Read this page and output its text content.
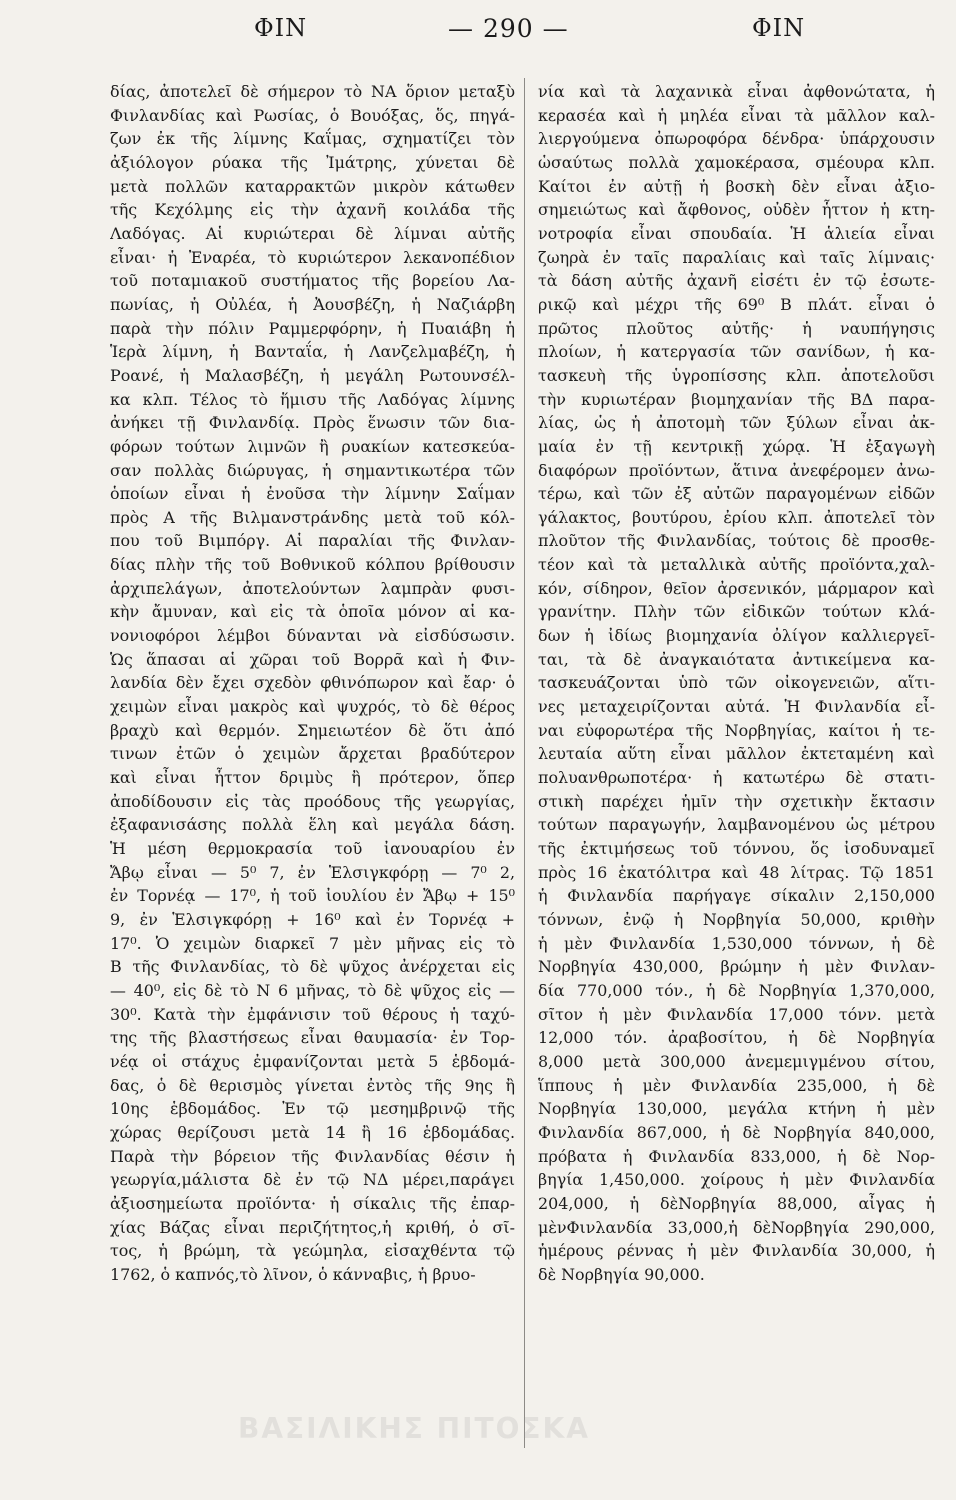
ΦΙΝ	— 290 —	ΦΙΝ
δίας, ἀποτελεῖ δὲ σήμερον τὸ ΝΑ ὅριον μεταξὺ
Φινλανδίας καὶ Ρωσίας, ὁ Βουόξας, ὅς, πηγά-
ζων ἐκ τῆς λίμνης Καΐμας, σχηματίζει τὸν
ἀξιόλογον ρύακα τῆς Ἰμάτρης, χύνεται δὲ
μετὰ πολλῶν καταρρακτῶν μικρὸν κάτωθεν
τῆς Κεχόλμης εἰς τὴν ἀχανῆ κοιλάδα τῆς
Λαδόγας. Αἱ κυριώτεραι δὲ λίμναι αὐτῆς
εἶναι· ἡ Ἐναρέα, τὸ κυριώτερον λεκανοπέδιον
τοῦ ποταμιακοῦ συστήματος τῆς βορείου Λα-
πωνίας, ἡ Οὐλέα, ἡ Ἀουσβέζη, ἡ Ναζιάρβη
παρὰ τὴν πόλιν Ραμμερφόρην, ἡ Πυαιάβη ἡ
Ἱερὰ λίμνη, ἡ Βανταΐα, ἡ Λανζελμαβέζη, ἡ
Ροανέ, ἡ Μαλασβέζη, ἡ μεγάλη Ρωτουνσέλ-
κα κλπ. Τέλος τὸ ἥμισυ τῆς Λαδόγας λίμνης
ἀνήκει τῇ Φινλανδίᾳ. Πρὸς ἕνωσιν τῶν δια-
φόρων τούτων λιμνῶν ἢ ρυακίων κατεσκεύα-
σαν πολλὰς διώρυγας, ἡ σημαντικωτέρα τῶν
ὁποίων εἶναι ἡ ἑνοῦσα τὴν λίμνην Σαΐμαν
πρὸς Α τῆς Βιλμανστράνδης μετὰ τοῦ κόλ-
που τοῦ Βιμπόργ. Αἱ παραλίαι τῆς Φινλαν-
δίας πλὴν τῆς τοῦ Βοθνικοῦ κόλπου βρίθουσιν
ἀρχιπελάγων, ἀποτελούντων λαμπρὰν φυσι-
κὴν ἄμυναν, καὶ εἰς τὰ ὁποῖα μόνον αἱ κα-
νονιοφόροι λέμβοι δύνανται νὰ εἰσδύσωσιν.
Ὡς ἅπασαι αἱ χῶραι τοῦ Βορρᾶ καὶ ἡ Φιν-
λανδία δὲν ἔχει σχεδὸν φθινόπωρον καὶ ἔαρ· ὁ
χειμὼν εἶναι μακρὸς καὶ ψυχρός, τὸ δὲ θέρος
βραχὺ καὶ θερμόν. Σημειωτέον δὲ ὅτι ἀπό
τινων ἐτῶν ὁ χειμὼν ἄρχεται βραδύτερον
καὶ εἶναι ἧττον δριμὺς ἢ πρότερον, ὅπερ
ἀποδίδουσιν εἰς τὰς προόδους τῆς γεωργίας,
ἐξαφανισάσης πολλὰ ἕλη καὶ μεγάλα δάση.
Ἡ μέση θερμοκρασία τοῦ ἰανουαρίου ἐν
Ἄβῳ εἶναι — 5⁰ 7, ἐν Ἑλσιγκφόρῃ — 7⁰ 2,
ἐν Τορνέᾳ — 17⁰, ἡ τοῦ ἰουλίου ἐν Ἄβῳ + 15⁰
9, ἐν Ἑλσιγκφόρῃ + 16⁰ καὶ ἐν Τορνέᾳ +
17⁰. Ὁ χειμὼν διαρκεῖ 7 μὲν μῆνας εἰς τὸ
Β τῆς Φινλανδίας, τὸ δὲ ψῦχος ἀνέρχεται εἰς
— 40⁰, εἰς δὲ τὸ Ν 6 μῆνας, τὸ δὲ ψῦχος εἰς —
30⁰. Κατὰ τὴν ἐμφάνισιν τοῦ θέρους ἡ ταχύ-
της τῆς βλαστήσεως εἶναι θαυμασία· ἐν Τορ-
νέᾳ οἱ στάχυς ἐμφανίζονται μετὰ 5 ἑβδομά-
δας, ὁ δὲ θερισμὸς γίνεται ἐντὸς τῆς 9ης ἢ
10ης ἑβδομάδος. Ἐν τῷ μεσημβρινῷ τῆς
χώρας θερίζουσι μετὰ 14 ἢ 16 ἑβδομάδας.
Παρὰ τὴν βόρειον τῆς Φινλανδίας θέσιν ἡ
γεωργία,μάλιστα δὲ ἐν τῷ ΝΔ μέρει,παράγει
ἀξιοσημείωτα προϊόντα· ἡ σίκαλις τῆς ἐπαρ-
χίας Βάζας εἶναι περιζήτητος,ἡ κριθή, ὁ σῖ-
τος, ἡ βρώμη, τὰ γεώμηλα, εἰσαχθέντα τῷ
1762, ὁ καπνός,τὸ λῖνον, ὁ κάνναβις, ἡ βρυο-
νία καὶ τὰ λαχανικὰ εἶναι ἀφθονώτατα, ἡ
κερασέα καὶ ἡ μηλέα εἶναι τὰ μᾶλλον καλ-
λιεργούμενα ὀπωροφόρα δένδρα· ὑπάρχουσιν
ὡσαύτως πολλὰ χαμοκέρασα, σμέουρα κλπ.
Καίτοι ἐν αὐτῇ ἡ βοσκὴ δὲν εἶναι ἀξιο-
σημειώτως καὶ ἄφθονος, οὐδὲν ἧττον ἡ κτη-
νοτροφία εἶναι σπουδαία. Ἡ ἁλιεία εἶναι
ζωηρὰ ἐν ταῖς παραλίαις καὶ ταῖς λίμναις·
τὰ δάση αὐτῆς ἀχανῆ εἰσέτι ἐν τῷ ἐσωτε-
ρικῷ καὶ μέχρι τῆς 69⁰ Β πλάτ. εἶναι ὁ
πρῶτος πλοῦτος αὐτῆς· ἡ ναυπήγησις
πλοίων, ἡ κατεργασία τῶν σανίδων, ἡ κα-
τασκευὴ τῆς ὑγροπίσσης κλπ. ἀποτελοῦσι
τὴν κυριωτέραν βιομηχανίαν τῆς ΒΔ παρα-
λίας, ὡς ἡ ἀποτομὴ τῶν ξύλων εἶναι ἀκ-
μαία ἐν τῇ κεντρικῇ χώρᾳ. Ἡ ἐξαγωγὴ
διαφόρων προϊόντων, ἅτινα ἀνεφέρομεν ἀνω-
τέρω, καὶ τῶν ἐξ αὐτῶν παραγομένων εἰδῶν
γάλακτος, βουτύρου, ἐρίου κλπ. ἀποτελεῖ τὸν
πλοῦτον τῆς Φινλανδίας, τούτοις δὲ προσθε-
τέον καὶ τὰ μεταλλικὰ αὐτῆς προϊόντα,χαλ-
κόν, σίδηρον, θεῖον ἀρσενικόν, μάρμαρον καὶ
γρανίτην. Πλὴν τῶν εἰδικῶν τούτων κλά-
δων ἡ ἰδίως βιομηχανία ὀλίγον καλλιεργεῖ-
ται, τὰ δὲ ἀναγκαιότατα ἀντικείμενα κα-
τασκευάζονται ὑπὸ τῶν οἰκογενειῶν, αἵτι-
νες μεταχειρίζονται αὐτά. Ἡ Φινλανδία εἶ-
ναι εὐφορωτέρα τῆς Νορβηγίας, καίτοι ἡ τε-
λευταία αὕτη εἶναι μᾶλλον ἐκτεταμένη καὶ
πολυανθρωποτέρα· ἡ κατωτέρω δὲ στατι-
στικὴ παρέχει ἡμῖν τὴν σχετικὴν ἔκτασιν
τούτων παραγωγήν, λαμβανομένου ὡς μέτρου
τῆς ἐκτιμήσεως τοῦ τόννου, ὅς ἰσοδυναμεῖ
πρὸς 16 ἑκατόλιτρα καὶ 48 λίτρας. Τῷ 1851
ἡ Φινλανδία παρήγαγε σίκαλιν 2,150,000
τόννων, ἐνῷ ἡ Νορβηγία 50,000, κριθὴν
ἡ μὲν Φινλανδία 1,530,000 τόννων, ἡ δὲ
Νορβηγία 430,000, βρώμην ἡ μὲν Φινλαν-
δία 770,000 τόν., ἡ δὲ Νορβηγία 1,370,000,
σῖτον ἡ μὲν Φινλανδία 17,000 τόνν. μετὰ
12,000 τόν. ἀραβοσίτου, ἡ δὲ Νορβηγία
8,000 μετὰ 300,000 ἀνεμεμιγμένου σίτου,
ἵππους ἡ μὲν Φινλανδία 235,000, ἡ δὲ
Νορβηγία 130,000, μεγάλα κτήνη ἡ μὲν
Φινλανδία 867,000, ἡ δὲ Νορβηγία 840,000,
πρόβατα ἡ Φινλανδία 833,000, ἡ δὲ Νορ-
βηγία 1,450,000. χοίρους ἡ μὲν Φινλανδία
204,000, ἡ δὲΝορβηγία 88,000, αἶγας ἡ
μὲνΦινλανδία 33,000,ἡ δὲΝορβηγία 290,000,
ἡμέρους ρέννας ἡ μὲν Φινλανδία 30,000, ἡ
δὲ Νορβηγία 90,000.
ΒΑΣΙΛΙΚΗΣ ΠΙΤΟΣΚΑ
